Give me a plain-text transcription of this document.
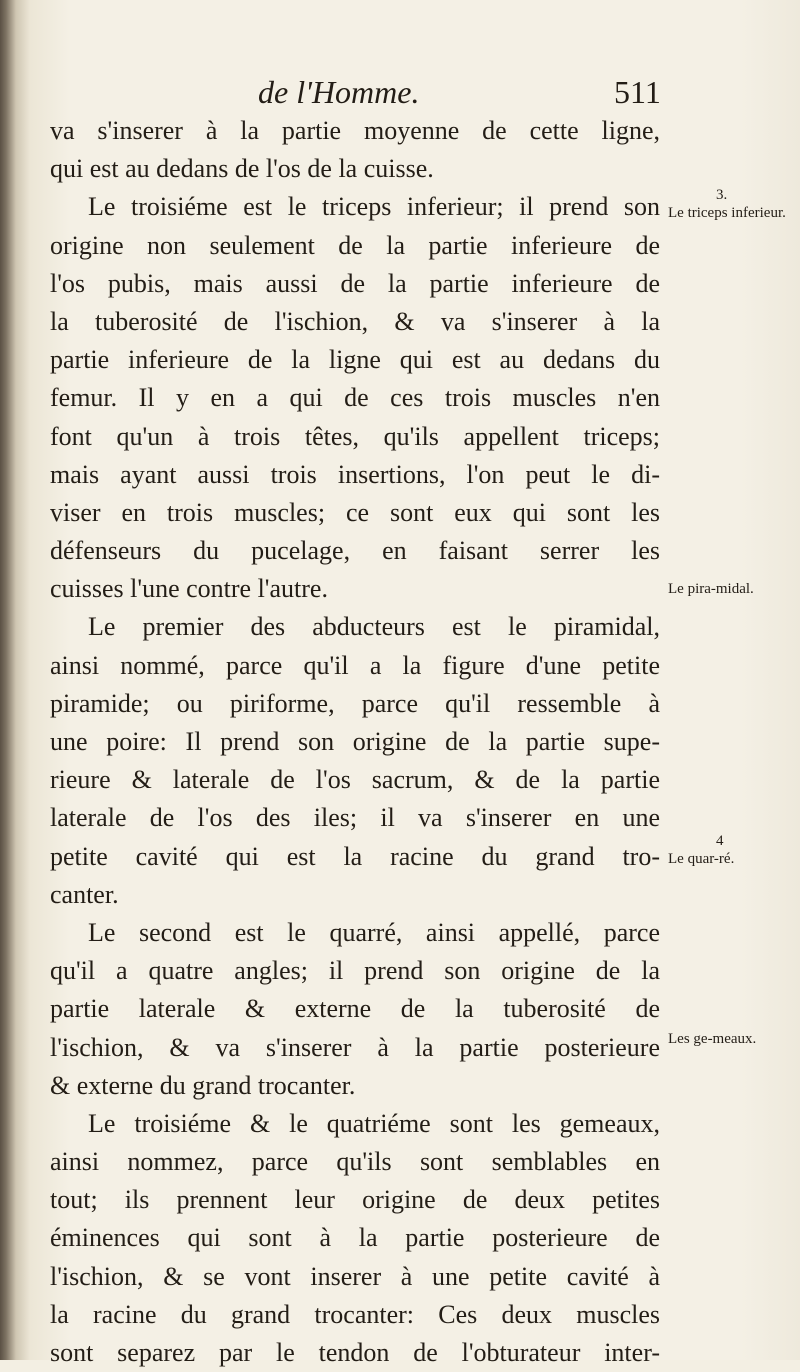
de l'Homme.	511
va s'inserer à la partie moyenne de cette ligne,
qui est au dedans de l'os de la cuisse.
Le troisiéme est le triceps inferieur; il prend son
origine non seulement de la partie inferieure de
l'os pubis, mais aussi de la partie inferieure de
la tuberosité de l'ischion, & va s'inserer à la
partie inferieure de la ligne qui est au dedans du
femur. Il y en a qui de ces trois muscles n'en
font qu'un à trois têtes, qu'ils appellent triceps;
mais ayant aussi trois insertions, l'on peut le di-
viser en trois muscles; ce sont eux qui sont les
défenseurs du pucelage, en faisant serrer les
cuisses l'une contre l'autre.
Le premier des abducteurs est le piramidal,
ainsi nommé, parce qu'il a la figure d'une petite
piramide; ou piriforme, parce qu'il ressemble à
une poire: Il prend son origine de la partie supe-
rieure & laterale de l'os sacrum, & de la partie
laterale de l'os des iles; il va s'inserer en une
petite cavité qui est la racine du grand tro-
canter.
Le second est le quarré, ainsi appellé, parce
qu'il a quatre angles; il prend son origine de la
partie laterale & externe de la tuberosité de
l'ischion, & va s'inserer à la partie posterieure
& externe du grand trocanter.
Le troisiéme & le quatriéme sont les gemeaux,
ainsi nommez, parce qu'ils sont semblables en
tout; ils prennent leur origine de deux petites
éminences qui sont à la partie posterieure de
l'ischion, & se vont inserer à une petite cavité à
la racine du grand trocanter: Ces deux muscles
sont separez par le tendon de l'obturateur inter-
3.
Le triceps inferieur.
Le pira-midal.
4
Le quar-ré.
Les ge-meaux.
